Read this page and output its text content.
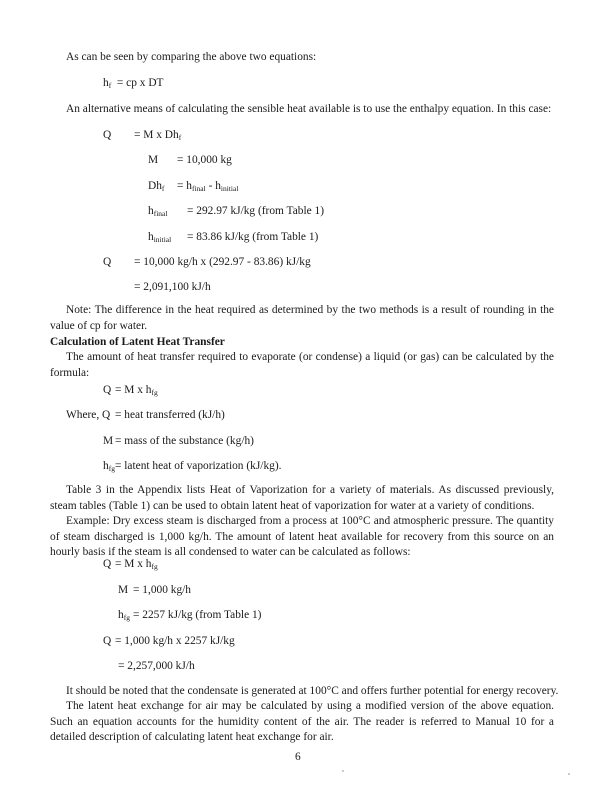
As can be seen by comparing the above two equations:
$h_f$ = cp x DT
An alternative means of calculating the sensible heat available is to use the enthalpy equation. In this case:
Q = M x $Dh_f$
M = 10,000 kg
$Dh_f = h_{final} - h_{initial}$
$h_{final} = 292.97$ kJ/kg (from Table 1)
$h_{initial} = 83.86$ kJ/kg (from Table 1)
Q = 10,000 kg/h x (292.97 - 83.86) kJ/kg
= 2,091,100 kJ/h
Note: The difference in the heat required as determined by the two methods is a result of rounding in the value of cp for water.
Calculation of Latent Heat Transfer
The amount of heat transfer required to evaporate (or condense) a liquid (or gas) can be calculated by the formula:
Q = M x $h_{fg}$
Where, Q = heat transferred (kJ/h)
M = mass of the substance (kg/h)
$h_{fg}$ = latent heat of vaporization (kJ/kg).
Table 3 in the Appendix lists Heat of Vaporization for a variety of materials. As discussed previously, steam tables (Table 1) can be used to obtain latent heat of vaporization for water at a variety of conditions.
Example: Dry excess steam is discharged from a process at 100°C and atmospheric pressure. The quantity of steam discharged is 1,000 kg/h. The amount of latent heat available for recovery from this source on an hourly basis if the steam is all condensed to water can be calculated as follows:
Q = M x $h_{fg}$
M = 1,000 kg/h
$h_{fg} = 2257$ kJ/kg (from Table 1)
Q = 1,000 kg/h x 2257 kJ/kg
= 2,257,000 kJ/h
It should be noted that the condensate is generated at 100°C and offers further potential for energy recovery.
The latent heat exchange for air may be calculated by using a modified version of the above equation. Such an equation accounts for the humidity content of the air. The reader is referred to Manual 10 for a detailed description of calculating latent heat exchange for air.
6
